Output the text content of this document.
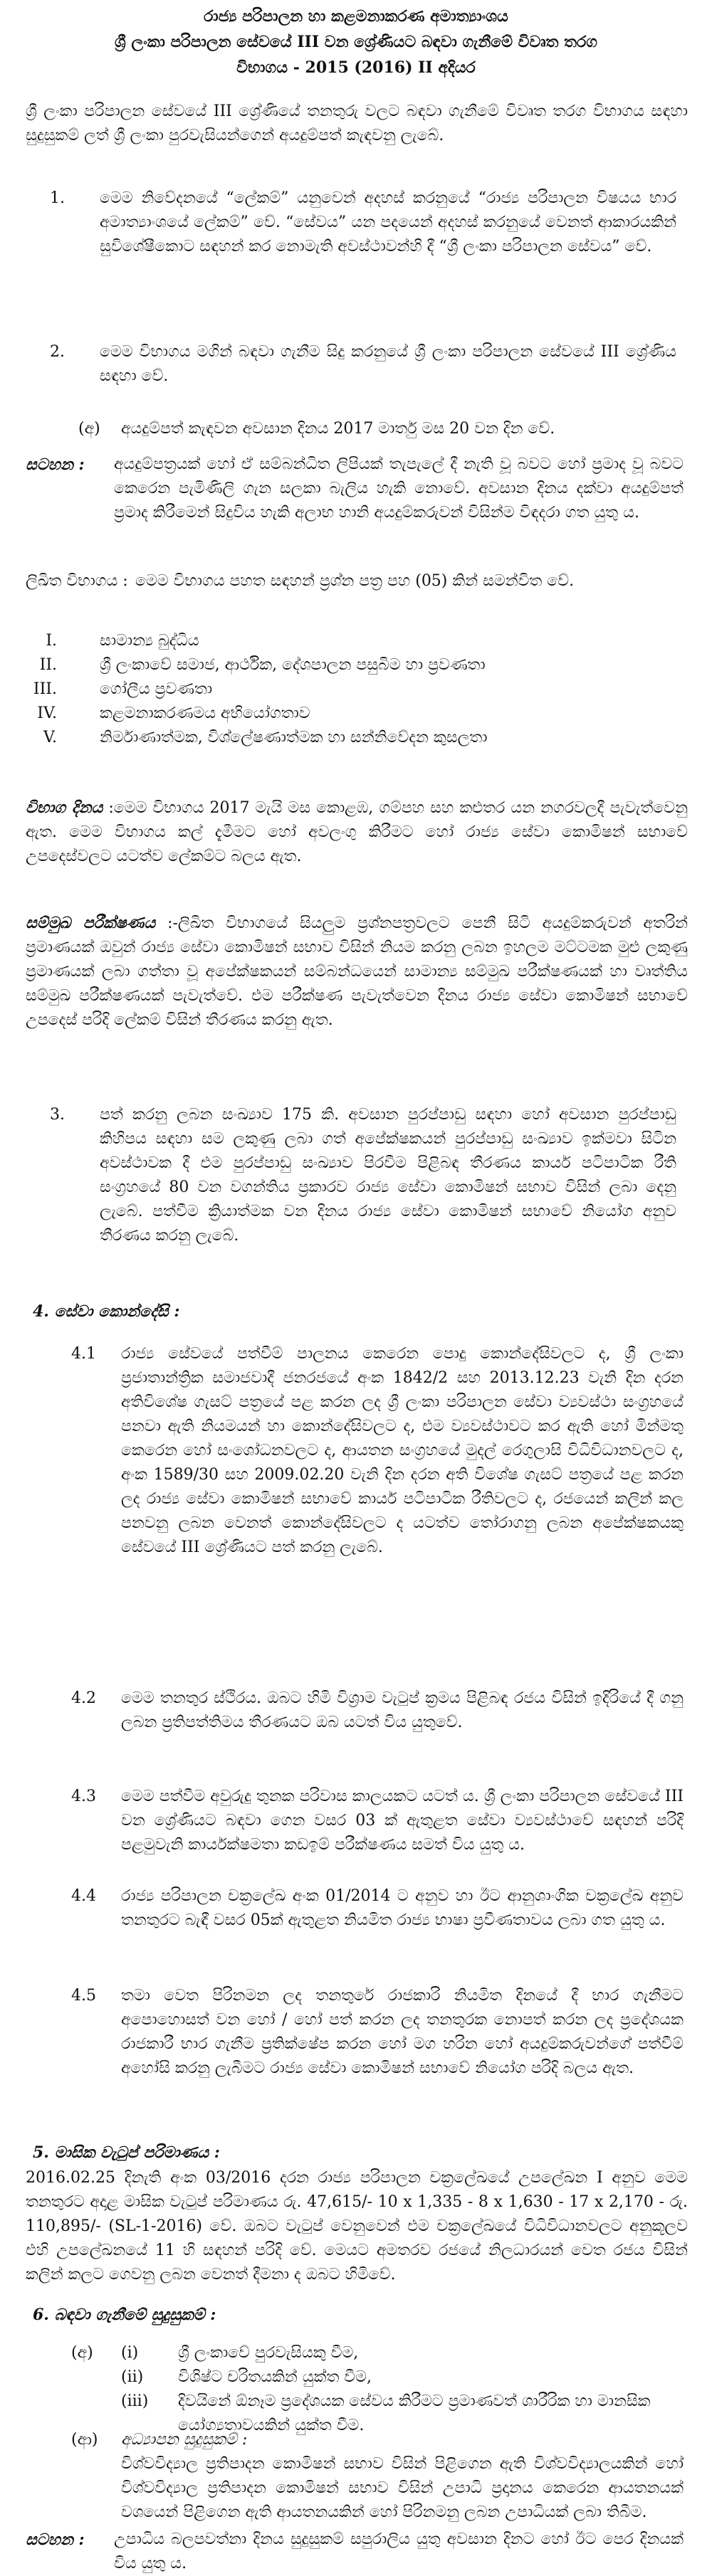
රාජ්‍ය පරිපාලන හා කළමනාකරණ අමාත්‍යාංශය
ශ්‍රී ලංකා පරිපාලන සේවයේ III වන ශ්‍රේණියට බඳවා ගැනීමේ විවෘත තරග
විභාගය - 2015 (2016) II අදියර
ශ්‍රී ලංකා පරිපාලන සේවයේ III ශ්‍රේණියේ තනතුරු වලට බඳවා ගැනීමේ විවෘත තරග විභාගය සඳහා සුදුසුකම් ලත් ශ්‍රී ලංකා පුරවැසියන්ගෙන් අයදුම්පත් කැඳවනු ලැබේ.
1.	මෙම නිවේදනයේ “ලේකම්” යනුවෙන් අදහස් කරනුයේ “රාජ්‍ය පරිපාලන විෂයය භාර අමාත්‍යාංශයේ ලේකම්” වේ. “සේවය” යන පදයෙන් අදහස් කරනුයේ වෙනත් ආකාරයකින් සුවිශේෂීකොට සඳහන් කර නොමැති අවස්ථාවන්හි දී “ශ්‍රී ලංකා පරිපාලන සේවය” වේ.
2.	මෙම විභාගය මගින් බඳවා ගැනීම සිදු කරනුයේ ශ්‍රී ලංකා පරිපාලන සේවයේ III ශ්‍රේණිය සඳහා වේ.
(අ)	අයදුම්පත් කැඳවන අවසාන දිනය 2017 මාර්තු මස 20 වන දින වේ.
සටහන :	අයදුම්පත්‍රයක් හෝ ඒ සම්බන්ධිත ලිපියක් තැපැලේ දී නැති වූ බවට හෝ ප්‍රමාද වූ බවට කෙරෙන පැමිණිලි ගැන සලකා බැලිය හැකි නොවේ. අවසාන දිනය දක්වා අයදුම්පත් ප්‍රමාද කිරීමෙන් සිදුවිය හැකි අලාභ හානි අයදුම්කරුවන් විසින්ම විඳදරා ගත යුතු ය.
ලිඛිත විභාගය : මෙම විභාගය පහත සඳහන් ප්‍රශ්න පත්‍ර පහ (05) කින් සමන්විත වේ.
I.	සාමාන්‍ය බුද්ධිය
II.	ශ්‍රී ලංකාවේ සමාජ, ආර්ථික, දේශපාලන පසුබිම හා ප්‍රවණතා
III.	ගෝලීය ප්‍රවණතා
IV.	කළමනාකරණමය අභියෝගතාව
V.	නිර්මාණාත්මක, විශ්ලේෂණාත්මක හා සන්නිවේදන කුසලතා
විභාග දිනය :මෙම විභාගය 2017 මැයි මස කොළඹ, ගම්පහ සහ කළුතර යන නගරවලදී පැවැත්වෙනු ඇත. මෙම විභාගය කල් දැමීමට හෝ අවලංගු කිරීමට හෝ රාජ්‍ය සේවා කොමිෂන් සභාවේ උපදෙස්වලට යටත්ව ලේකම්ට බලය ඇත.
සම්මුඛ පරීක්ෂණය :-ලිඛිත විභාගයේ සියලුම ප්‍රශ්නපත්‍රවලට පෙනී සිටි අයදුම්කරුවන් අතරින් ප්‍රමාණයක් ඔවුන් රාජ්‍ය සේවා කොමිෂන් සභාව විසින් නියම කරනු ලබන ඉහලම මට්ටමක මුළු ලකුණු ප්‍රමාණයක් ලබා ගත්තා වූ අපේක්ෂකයන් සම්බන්ධයෙන් සාමාන්‍ය සම්මුඛ පරීක්ෂණයක් හා වෘත්තිය සම්මුඛ පරීක්ෂණයක් පැවැත්වේ. එම පරීක්ෂණ පැවැත්වෙන දිනය රාජ්‍ය සේවා කොමිෂන් සභාවේ උපදෙස් පරිදි ලේකම් විසින් තීරණය කරනු ඇත.
3.	පත් කරනු ලබන සංඛ්‍යාව 175 කි. අවසාන පුරප්පාඩු සඳහා හෝ අවසාන පුරප්පාඩු කිහිපය සඳහා සම ලකුණු ලබා ගත් අපේක්ෂකයන් පුරප්පාඩු සංඛ්‍යාව ඉක්මවා සිටින අවස්ථාවක දී එම පුරප්පාඩු සංඛ්‍යාව පිරවීම පිළිබඳ තීරණය කාර්ය පටිපාටික රීති සංග්‍රහයේ 80 වන වගන්තිය ප්‍රකාරව රාජ්‍ය සේවා කොමිෂන් සභාව විසින් ලබා දෙනු ලැබේ. පත්වීම ක්‍රියාත්මක වන දිනය රාජ්‍ය සේවා කොමිෂන් සභාවේ නියෝග අනුව තීරණය කරනු ලැබේ.
4. සේවා කොන්දේසි :
4.1	රාජ්‍ය සේවයේ පත්වීම් පාලනය කෙරෙන පොදු කොන්දේසිවලට ද, ශ්‍රී ලංකා ප්‍රජාතාන්ත්‍රික සමාජවාදී ජනරජයේ අංක 1842/2 සහ 2013.12.23 වැනි දින දරන අතිවිශේෂ ගැසට් පත්‍රයේ පළ කරන ලද ශ්‍රී ලංකා පරිපාලන සේවා ව්‍යවස්ථා සංග්‍රහයේ පනවා ඇති නියමයන් හා කොන්දේසිවලට ද, එම ව්‍යවස්ථාවට කර ඇති හෝ මින්මතු කෙරෙන හෝ සංශෝධනවලට ද, ආයතන සංග්‍රහයේ මුදල් රෙගුලාසි විධිවිධානවලට ද, අංක 1589/30 සහ 2009.02.20 වැනි දින දරන අති විශේෂ ගැසට් පත්‍රයේ පළ කරන ලද රාජ්‍ය සේවා කොමිෂන් සභාවේ කාර්ය පටිපාටික රීතිවලට ද, රජයෙන් කලින් කල පනවනු ලබන වෙනත් කොන්දේසිවලට ද යටත්ව තෝරාගනු ලබන අපේක්ෂකයකු සේවයේ III ශ්‍රේණියට පත් කරනු ලැබේ.
4.2	මෙම තනතුර ස්ථිරය. ඔබට හිමි විශ්‍රාම වැටුප් ක්‍රමය පිළිබඳ රජය විසින් ඉදිරියේ දී ගනු ලබන ප්‍රතිපත්තිමය තීරණයට ඔබ යටත් විය යුතුවේ.
4.3	මෙම පත්වීම අවුරුදු තුනක පරිවාස කාලයකට යටත් ය. ශ්‍රී ලංකා පරිපාලන සේවයේ III වන ශ්‍රේණියට බඳවා ගෙන වසර 03 ක් ඇතුළත සේවා ව්‍යවස්ථාවේ සඳහන් පරිදි පළමුවැනි කාර්යක්ෂමතා කඩඉම් පරීක්ෂණය සමත් විය යුතු ය.
4.4	රාජ්‍ය පරිපාලන චක්‍රලේඛ අංක 01/2014 ට අනුව හා ඊට ආනුශාංගික චක්‍රලේඛ අනුව තනතුරට බැඳී වසර 05ක් ඇතුළත නියමිත රාජ්‍ය භාෂා ප්‍රවීණතාවය ලබා ගත යුතු ය.
4.5	තමා වෙත පිරිනමන ලද තනතුරේ රාජකාරි නියමිත දිනයේ දී භාර ගැනීමට අපොහොසත් වන හෝ / හෝ පත් කරන ලද තනතුරක නොපත් කරන ලද ප්‍රදේශයක රාජකාරී භාර ගැනීම ප්‍රතික්ෂේප කරන හෝ මග හරින හෝ අයදුම්කරුවන්ගේ පත්වීම් අහෝසි කරනු ලැබීමට රාජ්‍ය සේවා කොමිෂන් සභාවේ නියෝග පරිදි බලය ඇත.
5. මාසික වැටුප් පරිමාණය :
2016.02.25 දිනැති අංක 03/2016 දරන රාජ්‍ය පරිපාලන චක්‍රලේඛයේ උපලේඛන I අනුව මෙම තනතුරට අදාළ මාසික වැටුප් පරිමාණය රු. 47,615/- 10 x 1,335 - 8 x 1,630 - 17 x 2,170 - රු. 110,895/- (SL-1-2016) වේ. ඔබට වැටුප් වෙනුවෙන් එම චක්‍රලේඛයේ විධිවිධානවලට අනුකූලව එහි උපලේඛනයේ 11 හි සඳහන් පරිදි වේ. මෙයට අමතරව රජයේ නිලධාරයන් වෙත රජය විසින් කලින් කලට ගෙවනු ලබන වෙනත් දීමනා ද ඔබට හිමිවේ.
6. බඳවා ගැනීමේ සුදුසුකම් :
(අ)	(i)	ශ්‍රී ලංකාවේ පුරවැසියකු වීම,
(ii)	විශිෂ්ට චරිතයකින් යුක්ත වීම,
(iii)	දිවයිනේ ඕනෑම ප්‍රදේශයක සේවය කිරීමට ප්‍රමාණවත් ශාරීරික හා මානසික යෝග්‍යතාවයකින් යුක්ත වීම.
(ආ)	අධ්‍යාපන සුදුසුකම් :
විශ්වවිද්‍යාල ප්‍රතිපාදන කොමිෂන් සභාව විසින් පිළිගෙන ඇති විශ්වවිද්‍යාලයකින් හෝ විශ්වවිද්‍යාල ප්‍රතිපාදන කොමිෂන් සභාව විසින් උපාධි ප්‍රදානය කෙරෙන ආයතනයක් වශයෙන් පිළිගෙන ඇති ආයතනයකින් හෝ පිරිනමනු ලබන උපාධියක් ලබා තිබීම.
සටහන :	උපාධිය බලපවත්නා දිනය සුදුසුකම් සපුරාලිය යුතු අවසාන දිනට හෝ ඊට පෙර දිනයක් විය යුතු ය.
